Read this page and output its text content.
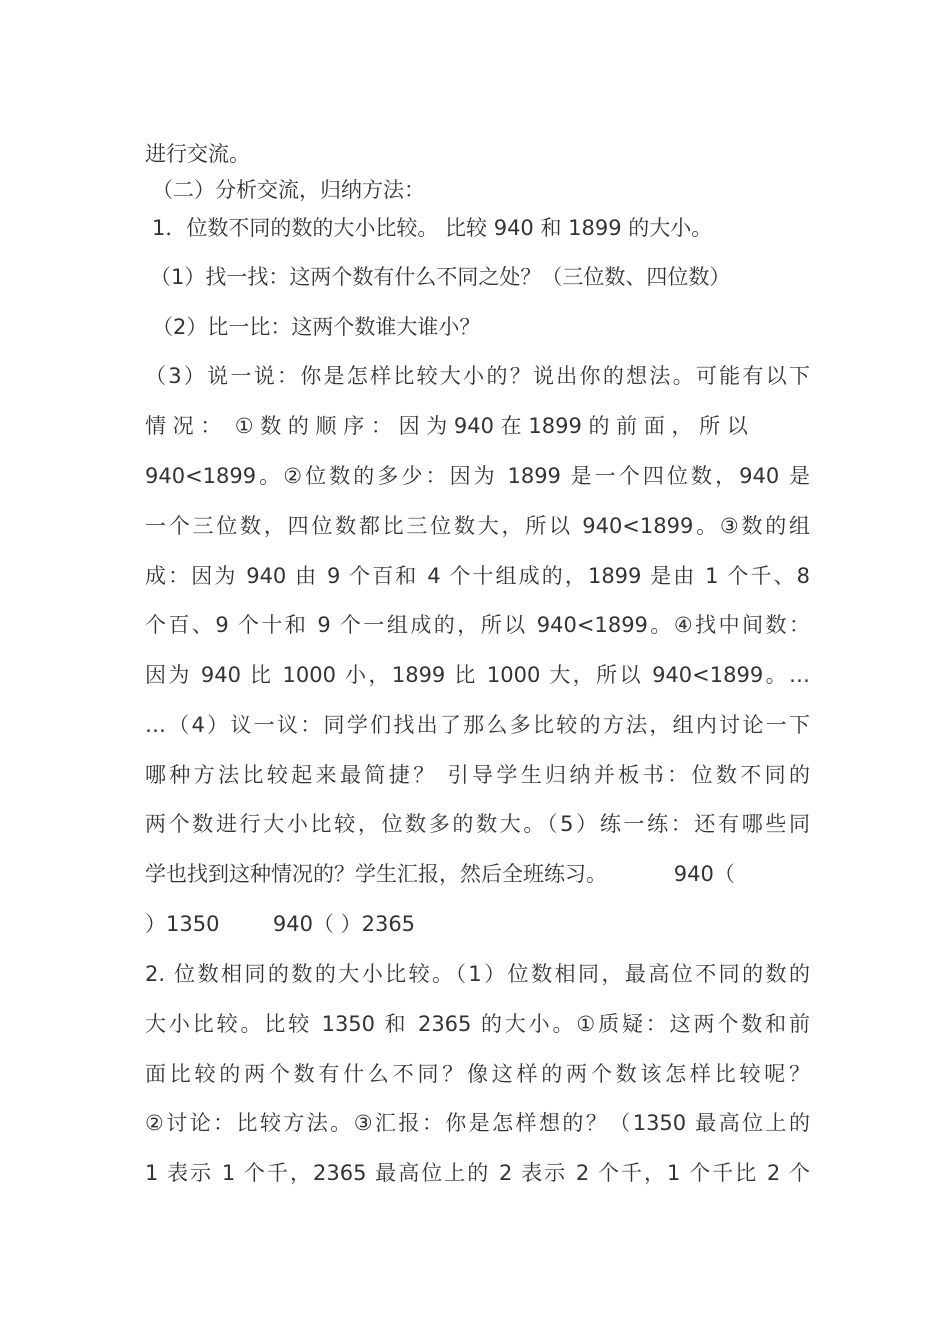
进行交流。
（二）分析交流，归纳方法：
1．位数不同的数的大小比较。 比较 940 和 1899 的大小。
（1）找一找：这两个数有什么不同之处？（三位数、四位数）
（2）比一比：这两个数谁大谁小？
（3）说一说：你是怎样比较大小的？说出你的想法。可能有以下
情 况 ：  ① 数 的 顺 序 ： 因 为 940 在 1899 的 前 面 ， 所 以
940<1899。②位数的多少：因为 1899 是一个四位数，940 是
一个三位数，四位数都比三位数大，所以 940<1899。③数的组
成：因为 940 由 9 个百和 4 个十组成的，1899 是由 1 个千、8
个百、9 个十和 9 个一组成的，所以 940<1899。④找中间数：
因为 940 比 1000 小，1899 比 1000 大，所以 940<1899。…
…（4）议一议：同学们找出了那么多比较的方法，组内讨论一下
哪种方法比较起来最简捷？ 引导学生归纳并板书：位数不同的
两个数进行大小比较，位数多的数大。（5）练一练：还有哪些同
学也找到这种情况的？学生汇报，然后全班练习。          940（
）1350        940（ ）2365
2. 位数相同的数的大小比较。（1）位数相同，最高位不同的数的
大小比较。比较 1350 和 2365 的大小。①质疑：这两个数和前
面比较的两个数有什么不同？像这样的两个数该怎样比较呢？
②讨论：比较方法。③汇报：你是怎样想的？（1350 最高位上的
1 表示 1 个千，2365 最高位上的 2 表示 2 个千，1 个千比 2 个
